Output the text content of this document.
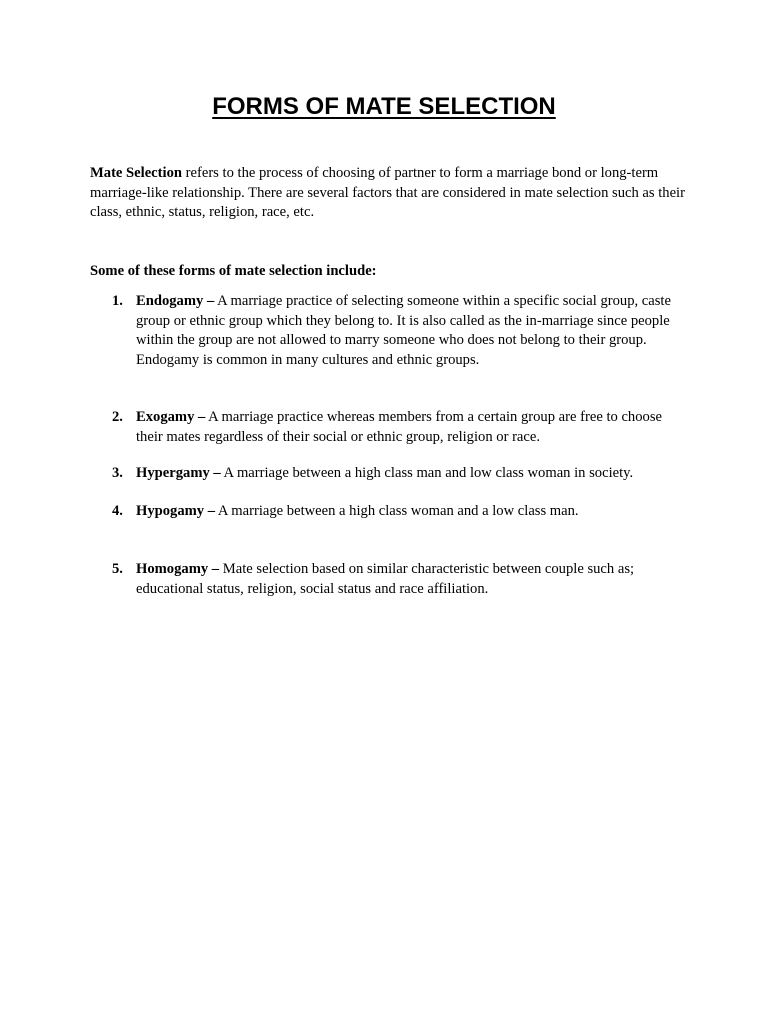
FORMS OF MATE SELECTION

Mate Selection refers to the process of choosing of partner to form a marriage bond or long-term marriage-like relationship. There are several factors that are considered in mate selection such as their class, ethnic, status, religion, race, etc.

Some of these forms of mate selection include:

1. Endogamy – A marriage practice of selecting someone within a specific social group, caste group or ethnic group which they belong to. It is also called as the in-marriage since people within the group are not allowed to marry someone who does not belong to their group. Endogamy is common in many cultures and ethnic groups.
2. Exogamy – A marriage practice whereas members from a certain group are free to choose their mates regardless of their social or ethnic group, religion or race.
3. Hypergamy – A marriage between a high class man and low class woman in society.
4. Hypogamy – A marriage between a high class woman and a low class man.
5. Homogamy – Mate selection based on similar characteristic between couple such as; educational status, religion, social status and race affiliation.
